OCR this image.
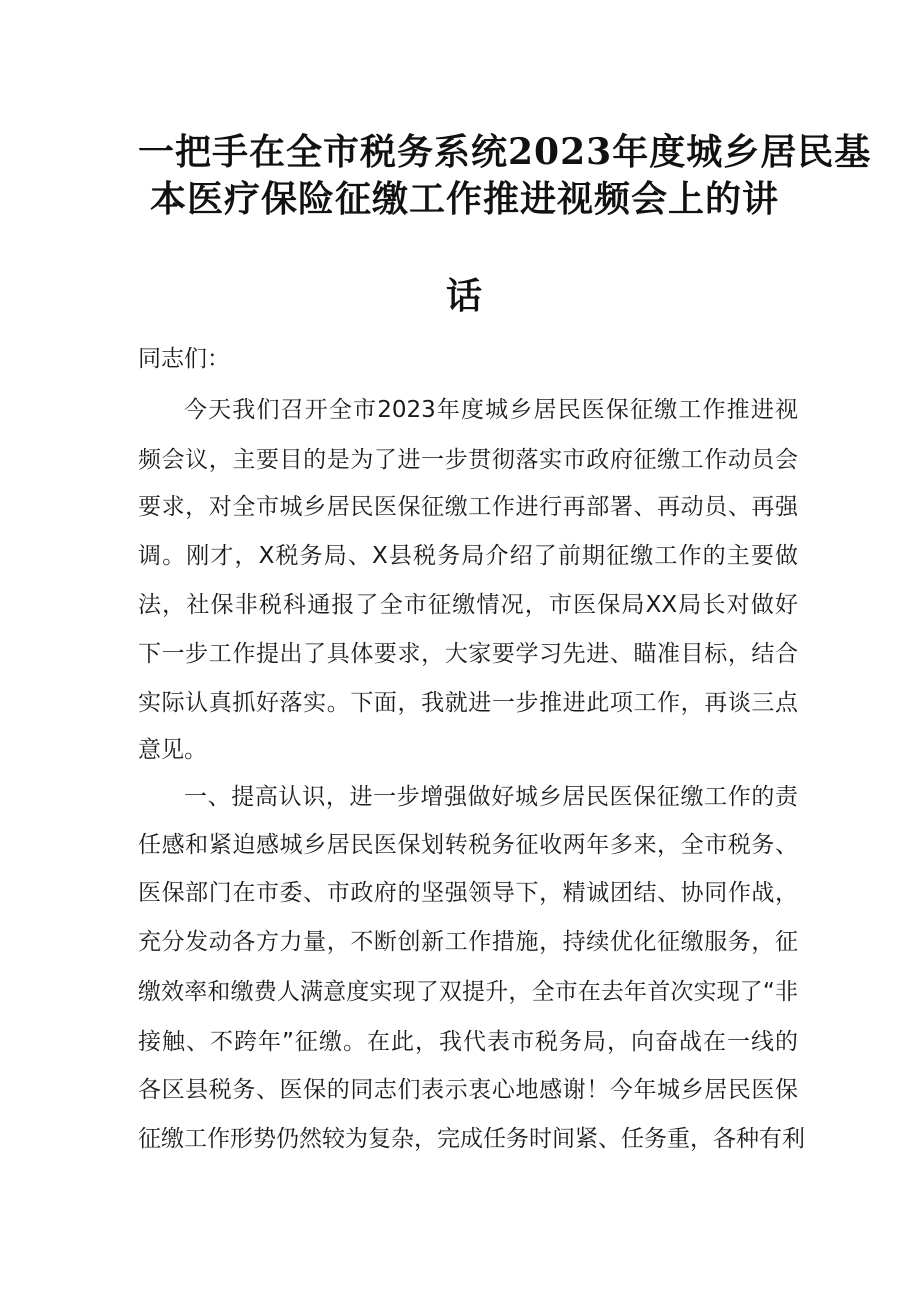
一把手在全市税务系统2023年度城乡居民基
本医疗保险征缴工作推进视频会上的讲
话
同志们：
今天我们召开全市2023年度城乡居民医保征缴工作推进视
频会议，主要目的是为了进一步贯彻落实市政府征缴工作动员会
要求，对全市城乡居民医保征缴工作进行再部署、再动员、再强
调。刚才，X税务局、X县税务局介绍了前期征缴工作的主要做
法，社保非税科通报了全市征缴情况，市医保局XX局长对做好
下一步工作提出了具体要求，大家要学习先进、瞄准目标，结合
实际认真抓好落实。下面，我就进一步推进此项工作，再谈三点
意见。
一、提高认识，进一步增强做好城乡居民医保征缴工作的责
任感和紧迫感城乡居民医保划转税务征收两年多来，全市税务、
医保部门在市委、市政府的坚强领导下，精诚团结、协同作战，
充分发动各方力量，不断创新工作措施，持续优化征缴服务，征
缴效率和缴费人满意度实现了双提升，全市在去年首次实现了“非
接触、不跨年”征缴。在此，我代表市税务局，向奋战在一线的
各区县税务、医保的同志们表示衷心地感谢！今年城乡居民医保
征缴工作形势仍然较为复杂，完成任务时间紧、任务重，各种有利
